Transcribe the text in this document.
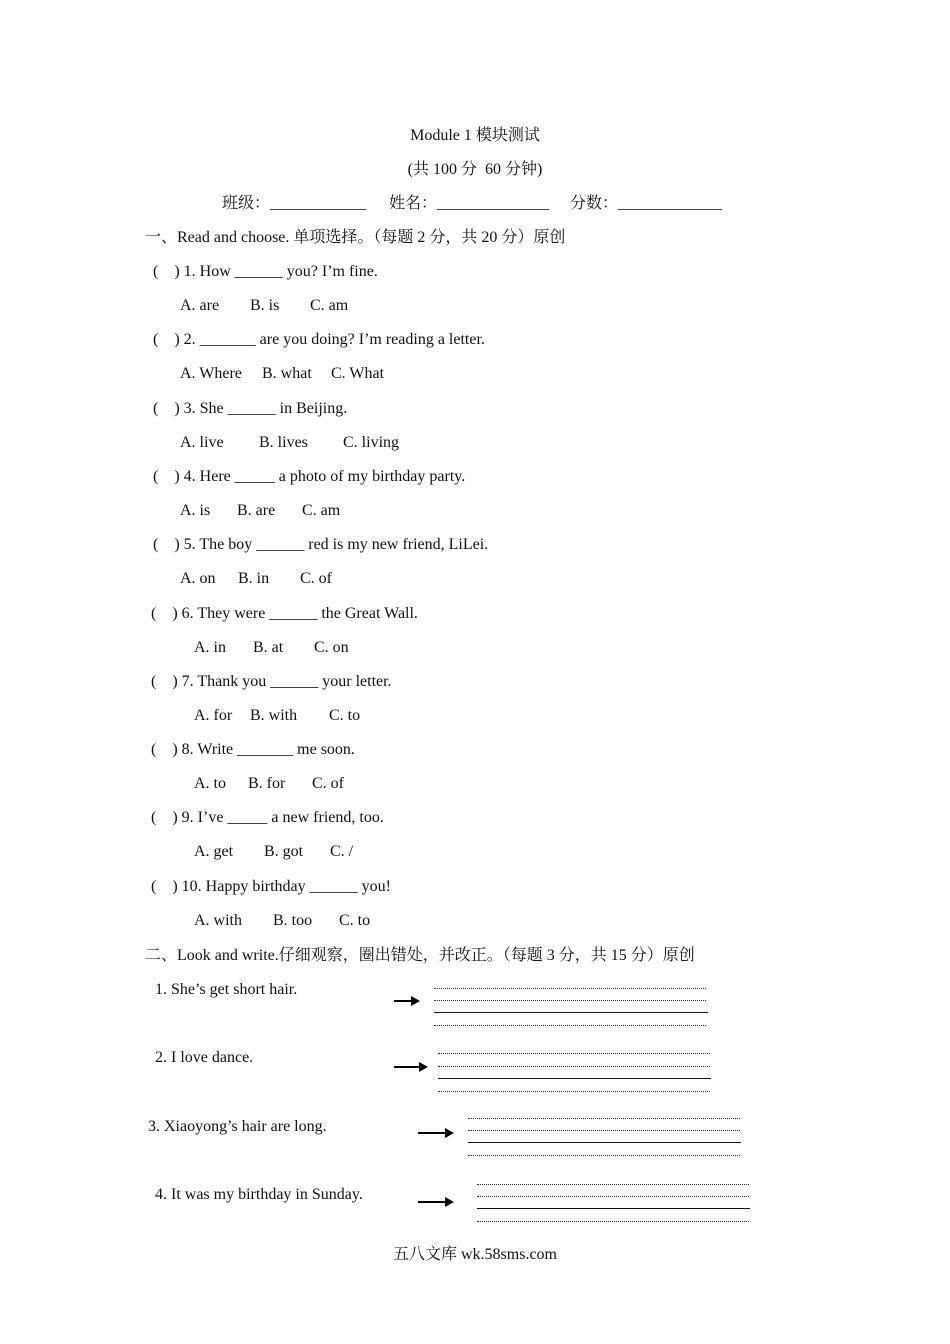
Module 1 模块测试
(共 100 分  60 分钟)
班级：____________ 姓名：______________ 分数：_____________
一、Read and choose. 单项选择。（每题 2 分，共 20 分）原创
(    ) 1. How ______ you? I’m fine.
A. are B. is C. am
(    ) 2. _______ are you doing? I’m reading a letter.
A. Where B. what C. What
(    ) 3. She ______ in Beijing.
A. live B. lives C. living
(    ) 4. Here _____ a photo of my birthday party.
A. is B. are C. am
(    ) 5. The boy ______ red is my new friend, LiLei.
A. on B. in C. of
(    ) 6. They were ______ the Great Wall.
A. in B. at C. on
(    ) 7. Thank you ______ your letter.
A. for B. with C. to
(    ) 8. Write _______ me soon.
A. to B. for C. of
(    ) 9. I’ve _____ a new friend, too.
A. get B. got C. /
(    ) 10. Happy birthday ______ you!
A. with B. too C. to
二、Look and write.仔细观察，圈出错处，并改正。（每题 3 分，共 15 分）原创
1. She’s get short hair.
2. I love dance.
3. Xiaoyong’s hair are long.
4. It was my birthday in Sunday.
五八文库 wk.58sms.com
